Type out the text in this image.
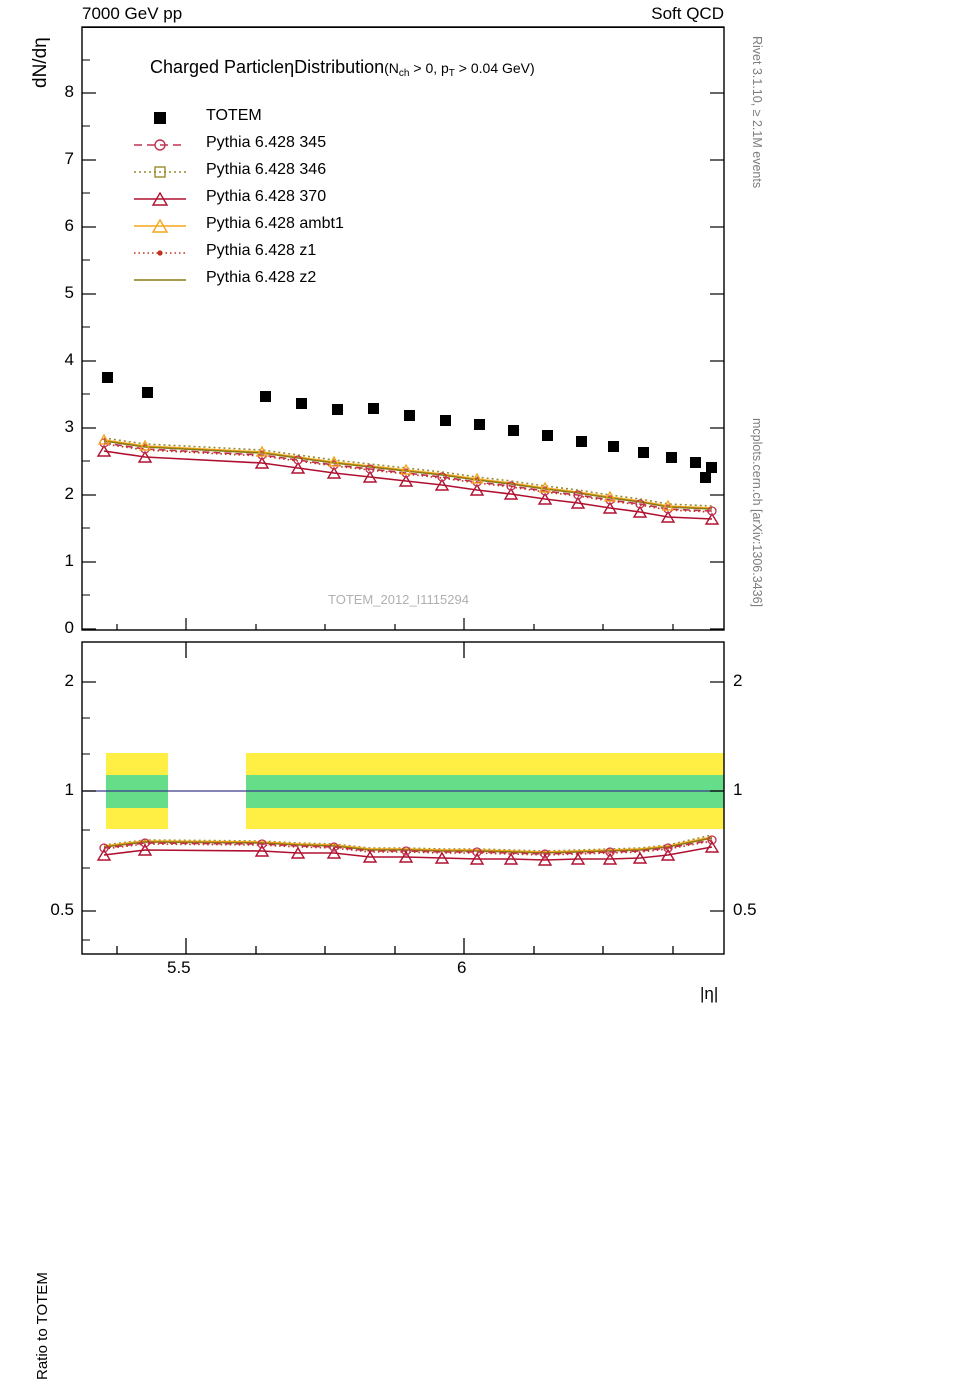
7000 GeV pp	Soft QCD
Rivet 3.1.10, ≥ 2.1M events
mcplots.cern.ch [arXiv:1306.3436]
dN/dη	Charged ParticleηDistribution(Nch > 0, pT > 0.04 GeV)
TOTEM_2012_I1115294
8
7
6
5
4
3
2
1
0
TOTEM
Pythia 6.428 345
Pythia 6.428 346
Pythia 6.428 370
Pythia 6.428 ambt1
Pythia 6.428 z1
Pythia 6.428 z2
Ratio to TOTEM
2
1
0.5
2
1
0.5
5.5	6
|η|
